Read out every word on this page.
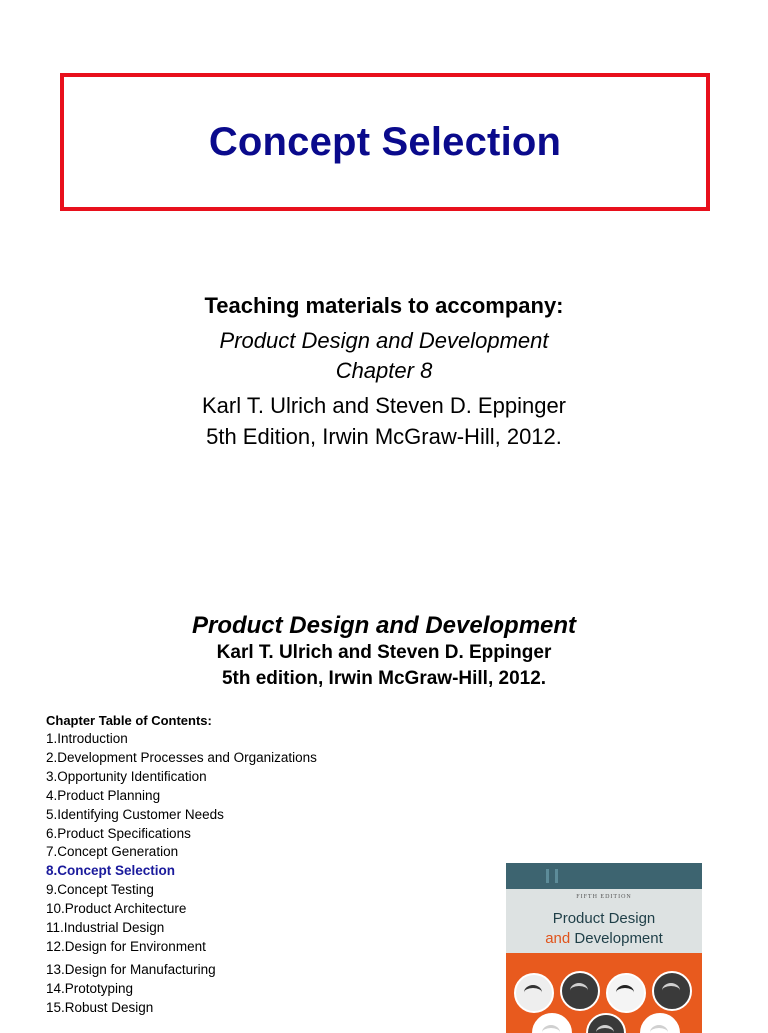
Concept Selection
Teaching materials to accompany:
Product Design and Development
Chapter 8
Karl T. Ulrich and Steven D. Eppinger
5th Edition, Irwin McGraw-Hill, 2012.
Product Design and Development
Karl T. Ulrich and Steven D. Eppinger
5th edition, Irwin McGraw-Hill, 2012.
Chapter Table of Contents:
1.Introduction
2.Development Processes and Organizations
3.Opportunity Identification
4.Product Planning
5.Identifying Customer Needs
6.Product Specifications
7.Concept Generation
8.Concept Selection
9.Concept Testing
10.Product Architecture
11.Industrial Design
12.Design for Environment
13.Design for Manufacturing
14.Prototyping
15.Robust Design
FIFTH EDITION
Product Design
and Development
